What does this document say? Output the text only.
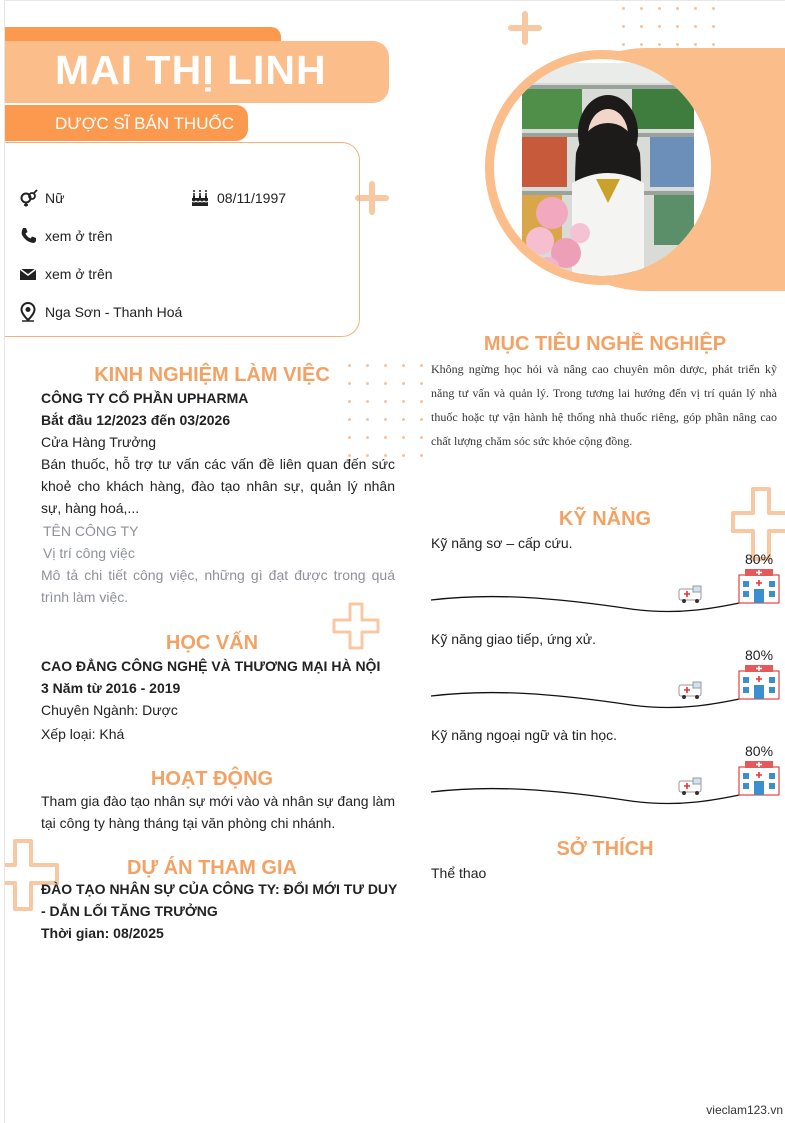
MAI THỊ LINH
DƯỢC SĨ BÁN THUỐC
Nữ	08/11/1997
xem ở trên
xem ở trên
Nga Sơn - Thanh Hoá
MỤC TIÊU NGHỀ NGHIỆP
Không ngừng học hỏi và nâng cao chuyên môn dược, phát triển kỹ năng tư vấn và quản lý. Trong tương lai hướng đến vị trí quản lý nhà thuốc hoặc tự vận hành hệ thống nhà thuốc riêng, góp phần nâng cao chất lượng chăm sóc sức khỏe cộng đồng.
KINH NGHIỆM LÀM VIỆC
CÔNG TY CỔ PHẦN UPHARMA
Bắt đầu 12/2023 đến 03/2026
Cửa Hàng Trưởng
Bán thuốc, hỗ trợ tư vấn các vấn đề liên quan đến sức khoẻ cho khách hàng, đào tạo nhân sự, quản lý nhân sự, hàng hoá,...
TÊN CÔNG TY
Vị trí công việc
Mô tả chi tiết công việc, những gì đạt được trong quá trình làm việc.
HỌC VẤN
CAO ĐẲNG CÔNG NGHỆ VÀ THƯƠNG MẠI HÀ NỘI
3 Năm từ 2016 - 2019
Chuyên Ngành: Dược
Xếp loại: Khá
HOẠT ĐỘNG
Tham gia đào tạo nhân sự mới vào và nhân sự đang làm tại công ty hàng tháng tại văn phòng chi nhánh.
DỰ ÁN THAM GIA
ĐÀO TẠO NHÂN SỰ CỦA CÔNG TY: ĐỔI MỚI TƯ DUY - DẪN LỐI TĂNG TRƯỞNG
Thời gian: 08/2025
KỸ NĂNG
Kỹ năng sơ – cấp cứu.
80%
Kỹ năng giao tiếp, ứng xử.
80%
Kỹ năng ngoại ngữ và tin học.
80%
SỞ THÍCH
Thể thao
vieclam123.vn
